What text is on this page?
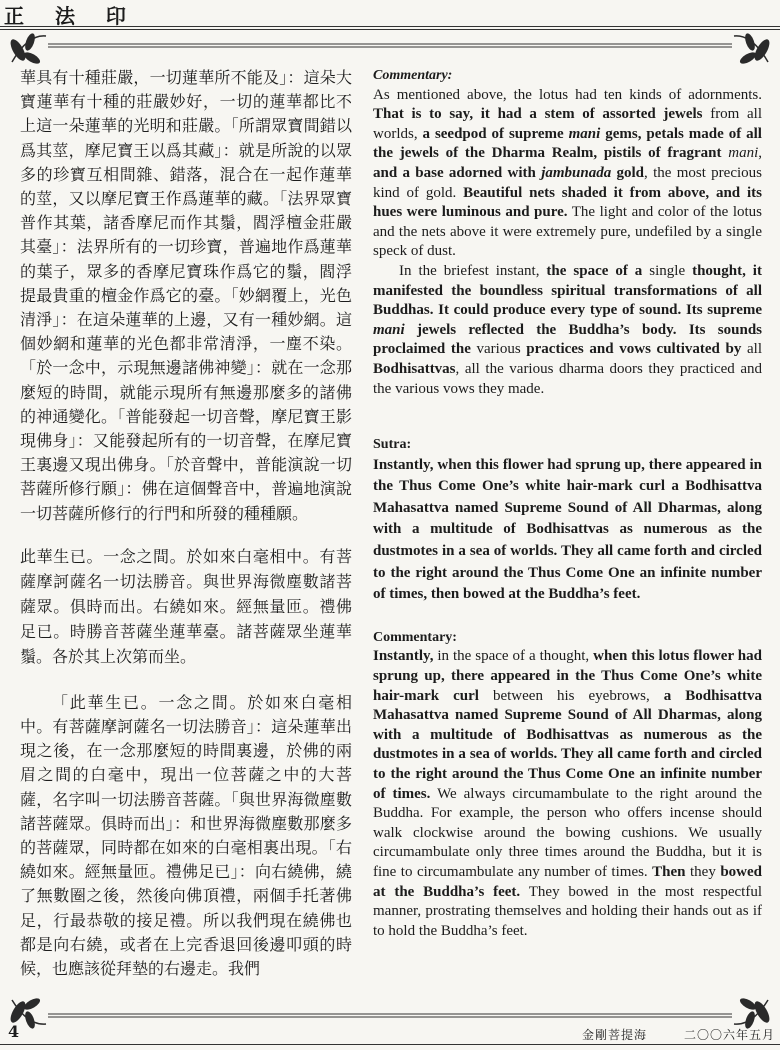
正 法 印

華具有十種莊嚴，一切蓮華所不能及」：這朵大寶蓮華有十種的莊嚴妙好，一切的蓮華都比不上這一朵蓮華的光明和莊嚴。「所謂眾寶間錯以爲其莖，摩尼寶王以爲其藏」：就是所說的以眾多的珍寶互相間雜、錯落，混合在一起作蓮華的莖，又以摩尼寶王作爲蓮華的藏。「法界眾寶普作其葉，諸香摩尼而作其鬚，閻浮檀金莊嚴其臺」：法界所有的一切珍寶，普遍地作爲蓮華的葉子，眾多的香摩尼寶珠作爲它的鬚，閻浮提最貴重的檀金作爲它的臺。「妙網覆上，光色清淨」：在這朵蓮華的上邊，又有一種妙網。這個妙網和蓮華的光色都非常清淨，一塵不染。「於一念中，示現無邊諸佛神變」：就在一念那麼短的時間，就能示現所有無邊那麼多的諸佛的神通變化。「普能發起一切音聲，摩尼寶王影現佛身」：又能發起所有的一切音聲，在摩尼寶王裏邊又現出佛身。「於音聲中，普能演說一切菩薩所修行願」：佛在這個聲音中，普遍地演說一切菩薩所修行的行門和所發的種種願。

此華生已。一念之間。於如來白毫相中。有菩薩摩訶薩名一切法勝音。與世界海微塵數諸菩薩眾。俱時而出。右繞如來。經無量匝。禮佛足已。時勝音菩薩坐蓮華臺。諸菩薩眾坐蓮華鬚。各於其上次第而坐。

「此華生已。一念之間。於如來白毫相中。有菩薩摩訶薩名一切法勝音」：這朵蓮華出現之後，在一念那麼短的時間裏邊，於佛的兩眉之間的白毫中，現出一位菩薩之中的大菩薩，名字叫一切法勝音菩薩。「與世界海微塵數諸菩薩眾。俱時而出」：和世界海微塵數那麼多的菩薩眾，同時都在如來的白毫相裏出現。「右繞如來。經無量匝。禮佛足已」：向右繞佛，繞了無數圈之後，然後向佛頂禮，兩個手托著佛足，行最恭敬的接足禮。所以我們現在繞佛也都是向右繞，或者在上完香退回後邊叩頭的時候，也應該從拜墊的右邊走。我們

Commentary:

As mentioned above, the lotus had ten kinds of adornments. That is to say, it had a stem of assorted jewels from all worlds, a seedpod of supreme mani gems, petals made of all the jewels of the Dharma Realm, pistils of fragrant mani, and a base adorned with jambunada gold, the most precious kind of gold. Beautiful nets shaded it from above, and its hues were luminous and pure. The light and color of the lotus and the nets above it were extremely pure, undefiled by a single speck of dust.

In the briefest instant, the space of a single thought, it manifested the boundless spiritual transformations of all Buddhas. It could produce every type of sound. Its supreme mani jewels reflected the Buddha’s body. Its sounds proclaimed the various practices and vows cultivated by all Bodhisattvas, all the various dharma doors they practiced and the various vows they made.

Sutra:

Instantly, when this flower had sprung up, there appeared in the Thus Come One’s white hair-mark curl a Bodhisattva Mahasattva named Supreme Sound of All Dharmas, along with a multitude of Bodhisattvas as numerous as the dustmotes in a sea of worlds. They all came forth and circled to the right around the Thus Come One an infinite number of times, then bowed at the Buddha’s feet.

Commentary:

Instantly, in the space of a thought, when this lotus flower had sprung up, there appeared in the Thus Come One’s white hair-mark curl between his eyebrows, a Bodhisattva Mahasattva named Supreme Sound of All Dharmas, along with a multitude of Bodhisattvas as numerous as the dustmotes in a sea of worlds. They all came forth and circled to the right around the Thus Come One an infinite number of times. We always circumambulate to the right around the Buddha. For example, the person who offers incense should walk clockwise around the bowing cushions. We usually circumambulate only three times around the Buddha, but it is fine to circumambulate any number of times. Then they bowed at the Buddha’s feet. They bowed in the most respectful manner, prostrating themselves and holding their hands out as if to hold the Buddha’s feet.

4	金剛菩提海	二〇〇六年五月
